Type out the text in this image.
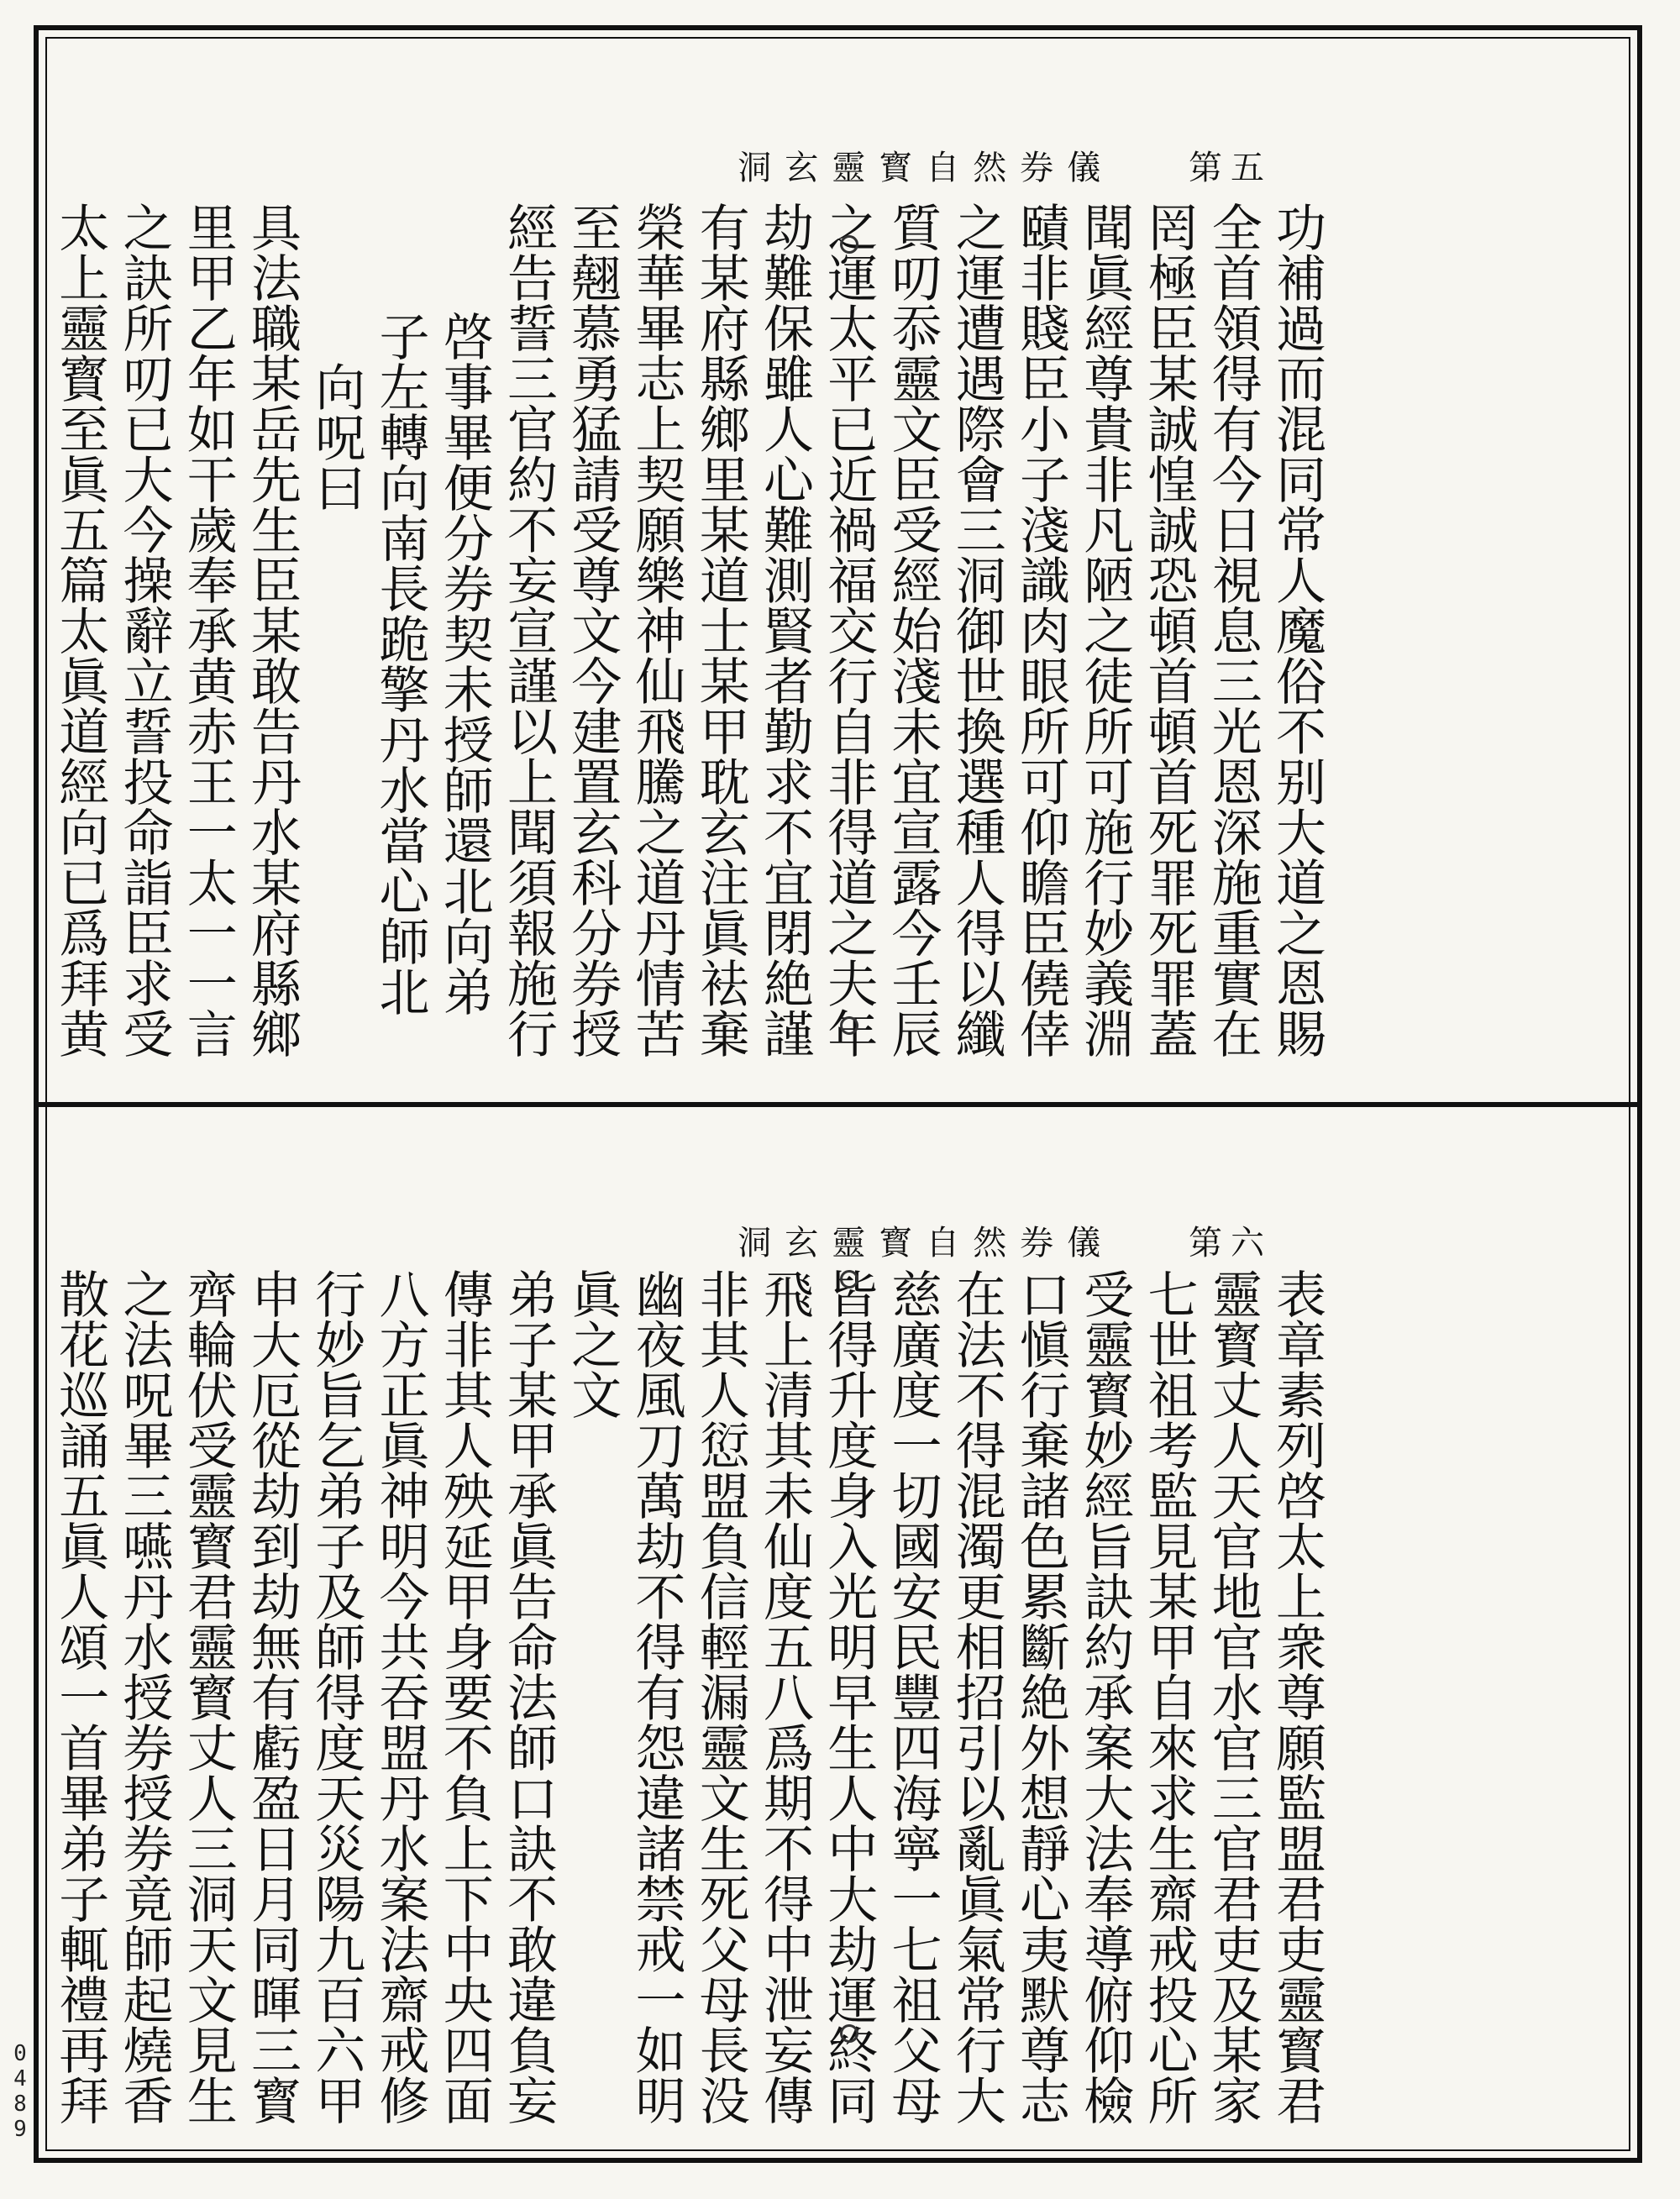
洞玄靈寳自然券儀 第五
功補過而混同常人魔俗不别大道之恩賜
全首領得有今日視息三光恩深施重實在
罔極臣某誠惶誠恐頓首頓首死罪死罪蓋
聞眞經尊貴非凡陋之徒所可施行妙義淵
賾非賤臣小子淺識肉眼所可仰瞻臣僥倖
之運遭遇際會三洞御世換選種人得以纖
質叨忝靈文臣受經始淺未宜宣露今壬辰
之運太平已近禍福交行自非得道之夫年
劫難保雖人心難測賢者勤求不宜閉絶謹
有某府縣鄉里某道士某甲耽玄注眞袪棄
榮華畢志上契願樂神仙飛騰之道丹情苦
至翹慕勇猛請受尊文今建置玄科分券授
經告誓三官約不妄宣謹以上聞須報施行
啓事畢便分券契未授師還北向弟
子左轉向南長跪擎丹水當心師北
向呪曰
具法職某岳先生臣某敢告丹水某府縣鄉
里甲乙年如干歲奉承黄赤王一太一一言
之訣所叨已大今操辭立誓投命詣臣求受
太上靈寳至眞五篇太眞道經向已爲拜黄
洞玄靈寳自然券儀 第六
表章素列啓太上衆尊願監盟君吏靈寳君
靈寳丈人天官地官水官三官君吏及某家
七世祖考監見某甲自來求生齋戒投心所
受靈寳妙經旨訣約承案大法奉導俯仰檢
口愼行棄諸色累斷絶外想靜心夷默尊志
在法不得混濁更相招引以亂眞氣常行大
慈廣度一切國安民豐四海寧一七祖父母
皆得升度身入光明早生人中大劫運終同
飛上清其未仙度五八爲期不得中泄妄傳
非其人愆盟負信輕漏靈文生死父母長没
幽夜風刀萬劫不得有怨違諸禁戒一如明
眞之文
弟子某甲承眞告命法師口訣不敢違負妄
傳非其人殃延甲身要不負上下中央四面
八方正眞神明今共吞盟丹水案法齋戒修
行妙旨乞弟子及師得度天災陽九百六甲
申大厄從劫到劫無有虧盈日月同暉三寳
齊輪伏受靈寳君靈寳丈人三洞天文見生
之法呪畢三嚥丹水授券授券竟師起燒香
散花巡誦五眞人頌一首畢弟子輒禮再拜
0489
